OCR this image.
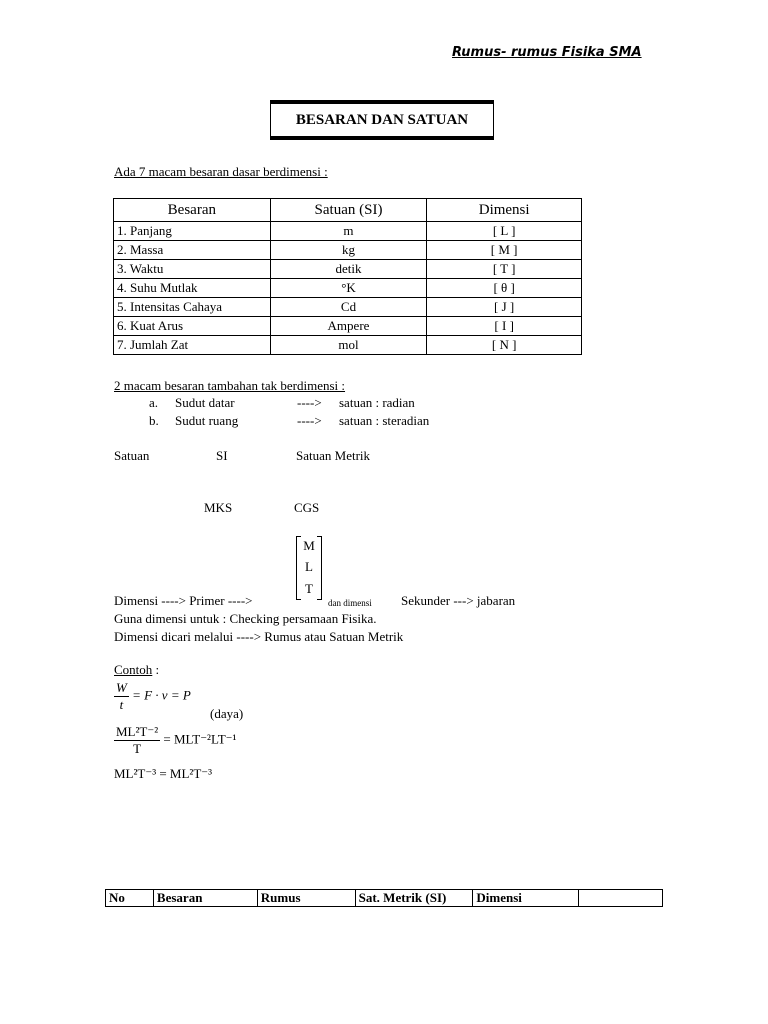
Rumus- rumus Fisika SMA
BESARAN DAN SATUAN
Ada 7 macam besaran dasar berdimensi :
Besaran	Satuan (SI)	Dimensi
1. Panjang	m	[ L ]
2. Massa	kg	[ M ]
3. Waktu	detik	[ T ]
4. Suhu Mutlak	°K	[ θ ]
5. Intensitas Cahaya	Cd	[ J ]
6. Kuat Arus	Ampere	[ I ]
7. Jumlah Zat	mol	[ N ]
2 macam besaran tambahan tak berdimensi :
a. Sudut datar	----> satuan : radian
b. Sudut ruang	----> satuan : steradian
Satuan	SI	Satuan Metrik
MKS	CGS
M
L
T
Dimensi ----> Primer ---->	dan dimensi Sekunder ---> jabaran
Guna dimensi untuk : Checking persamaan Fisika.
Dimensi dicari melalui ----> Rumus atau Satuan Metrik
Contoh :
$\frac{W}{t} = F \cdot v = P$
(daya)
$\frac{\text{ML²T⁻²}}{T} = MLT^{-2}LT^{-1}$
ML²T⁻³ = ML²T⁻³
No	Besaran	Rumus	Sat. Metrik (SI)	Dimensi	
